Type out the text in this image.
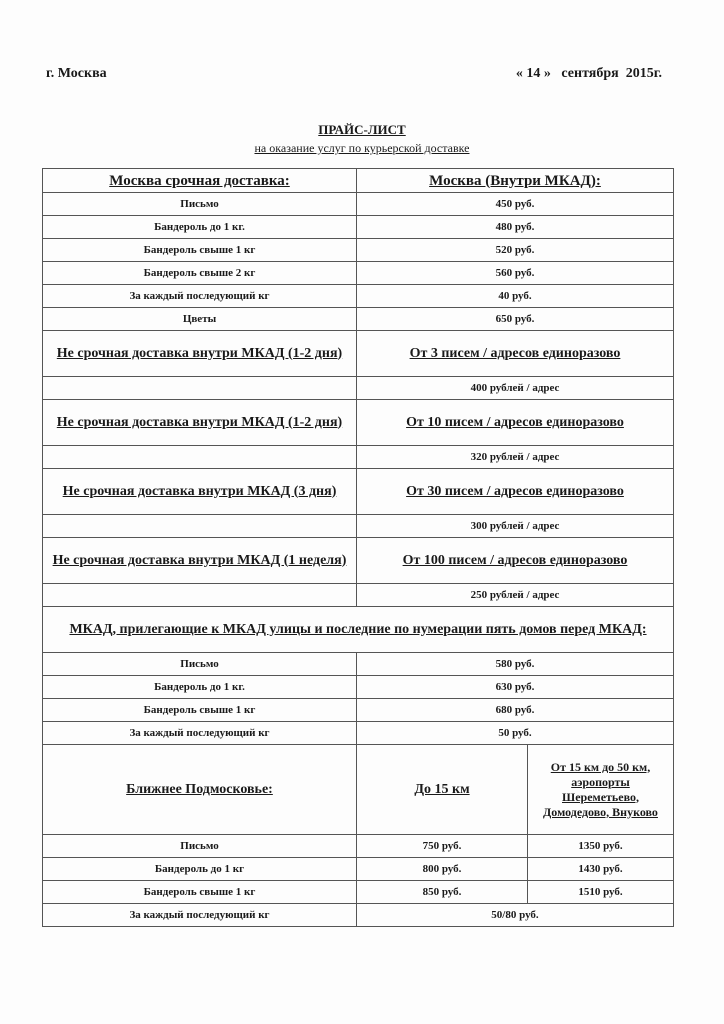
г. Москва	« 14 »   сентября  2015г.
ПРАЙС-ЛИСТ
на оказание услуг по курьерской доставке
Москва срочная доставка:	Москва (Внутри МКАД):	
Письмо	450 руб.	
Бандероль до 1 кг.	480 руб.	
Бандероль свыше 1 кг	520 руб.	
Бандероль свыше 2 кг	560 руб.	
За каждый последующий кг	40 руб.	
Цветы	650 руб.	
Не срочная доставка внутри МКАД (1-2 дня)	От 3 писем / адресов единоразово	
	400 рублей / адрес	
Не срочная доставка внутри МКАД (1-2 дня)	От 10 писем / адресов единоразово	
	320 рублей / адрес	
Не срочная доставка внутри МКАД (3 дня)	От 30 писем / адресов единоразово	
	300 рублей / адрес	
Не срочная доставка внутри МКАД (1 неделя)	От 100 писем / адресов единоразово	
	250 рублей / адрес	
МКАД, прилегающие к МКАД улицы и последние по нумерации пять домов перед МКАД:		
Письмо	580 руб.	
Бандероль до 1 кг.	630 руб.	
Бандероль свыше 1 кг	680 руб.	
За каждый последующий кг	50 руб.	
Ближнее Подмосковье:	До 15 км	От 15 км до 50 км, аэропорты Шереметьево, Домодедово, Внуково
Письмо	750 руб.	1350 руб.
Бандероль до 1 кг	800 руб.	1430 руб.
Бандероль свыше 1 кг	850 руб.	1510 руб.
За каждый последующий кг	50/80 руб.	
